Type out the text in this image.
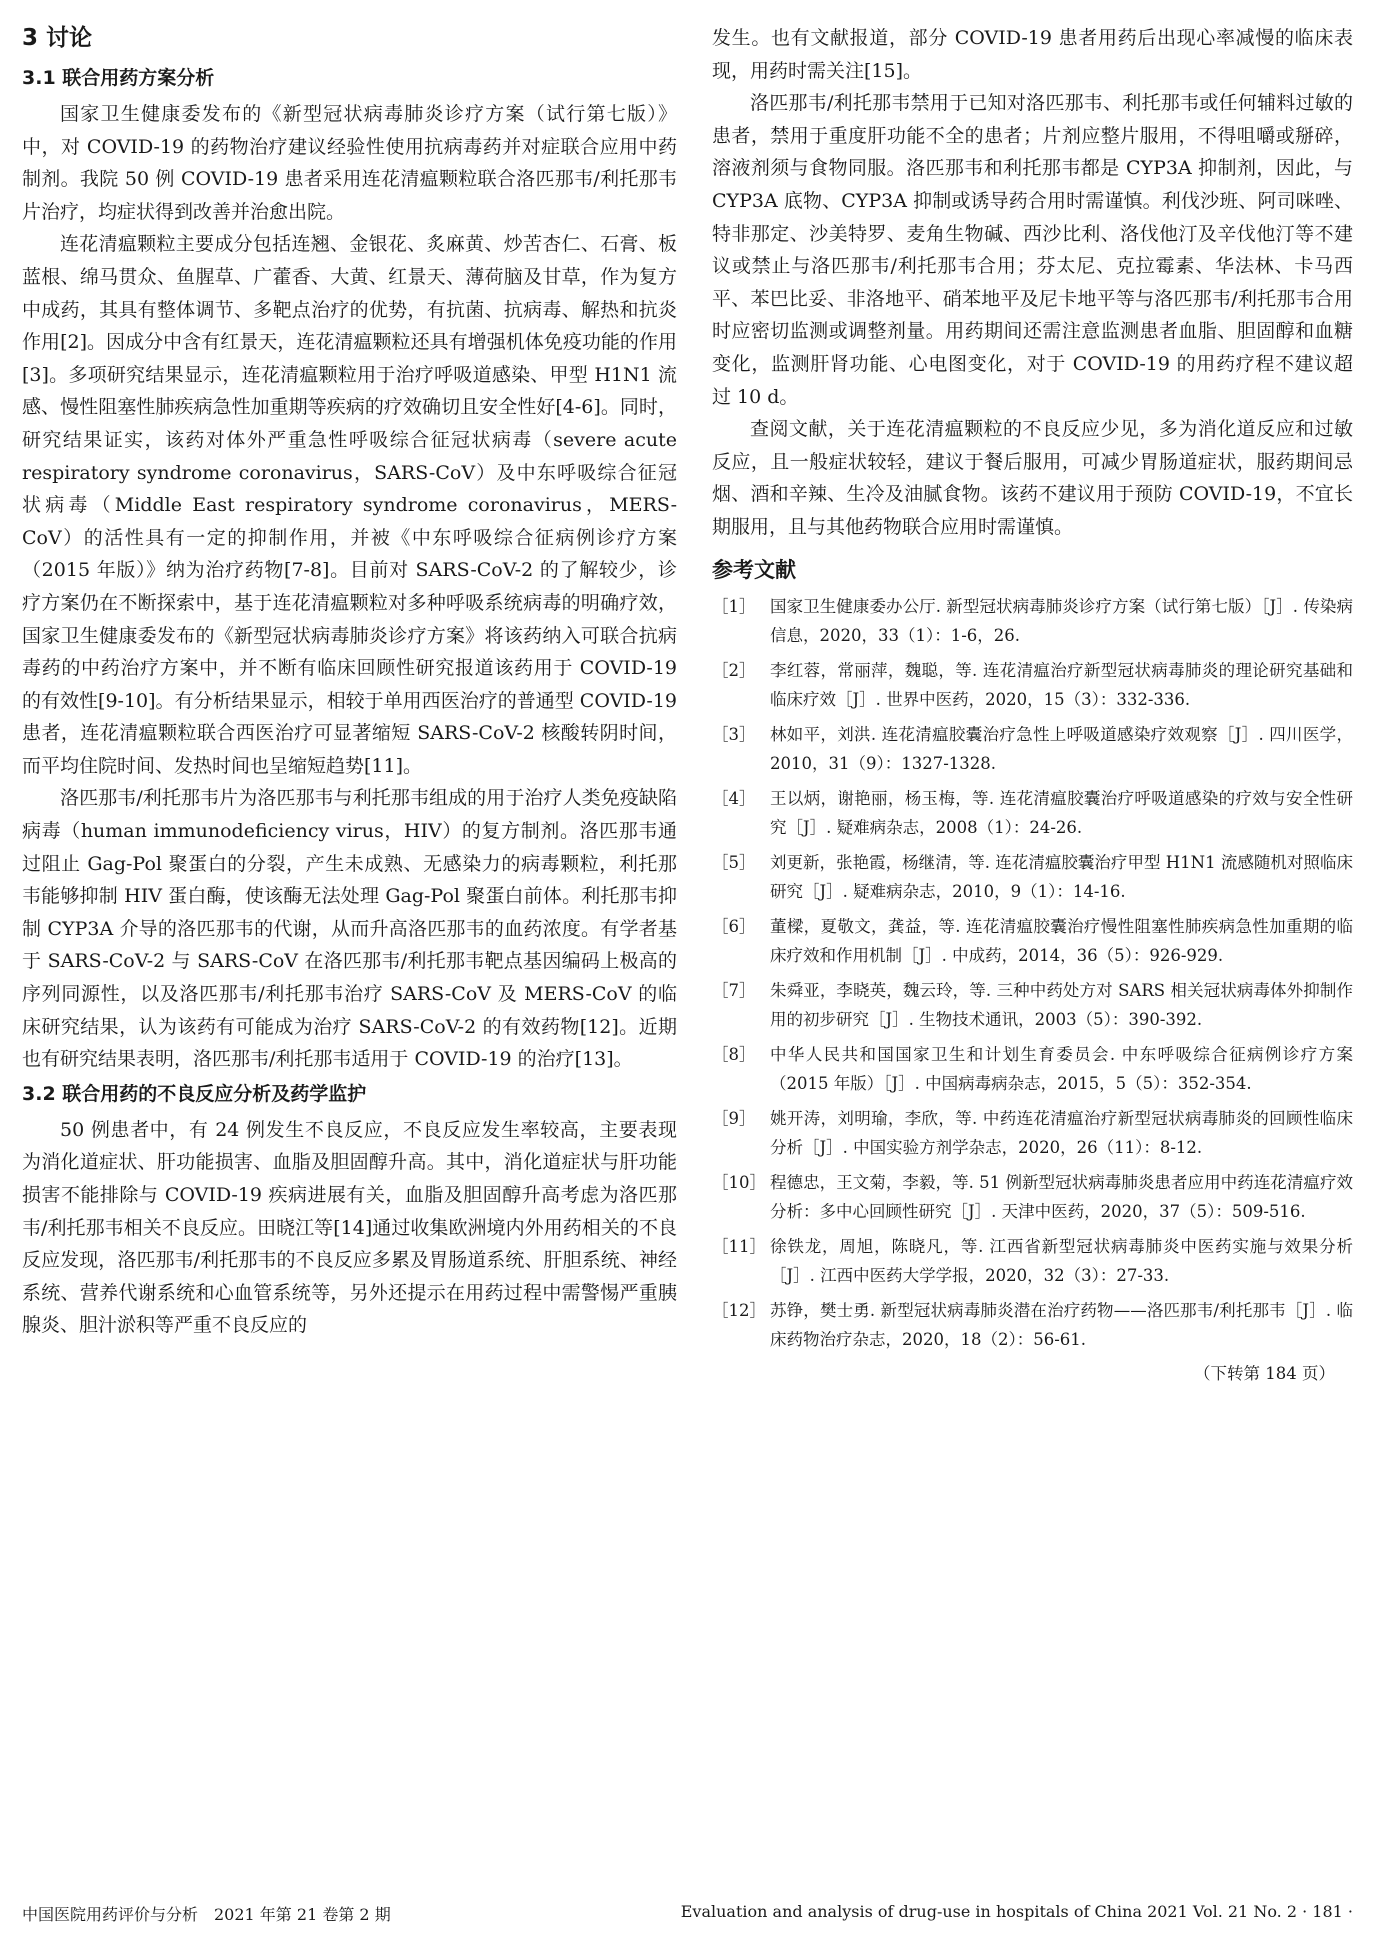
3 讨论
3.1 联合用药方案分析

国家卫生健康委发布的《新型冠状病毒肺炎诊疗方案（试行第七版）》中，对 COVID-19 的药物治疗建议经验性使用抗病毒药并对症联合应用中药制剂。我院 50 例 COVID-19 患者采用连花清瘟颗粒联合洛匹那韦/利托那韦片治疗，均症状得到改善并治愈出院。

连花清瘟颗粒主要成分包括连翘、金银花、炙麻黄、炒苦杏仁、石膏、板蓝根、绵马贯众、鱼腥草、广藿香、大黄、红景天、薄荷脑及甘草，作为复方中成药，其具有整体调节、多靶点治疗的优势，有抗菌、抗病毒、解热和抗炎作用[2]。因成分中含有红景天，连花清瘟颗粒还具有增强机体免疫功能的作用[3]。多项研究结果显示，连花清瘟颗粒用于治疗呼吸道感染、甲型 H1N1 流感、慢性阻塞性肺疾病急性加重期等疾病的疗效确切且安全性好[4-6]。同时，研究结果证实，该药对体外严重急性呼吸综合征冠状病毒（severe acute respiratory syndrome coronavirus，SARS-CoV）及中东呼吸综合征冠状病毒（Middle East respiratory syndrome coronavirus，MERS-CoV）的活性具有一定的抑制作用，并被《中东呼吸综合征病例诊疗方案（2015 年版）》纳为治疗药物[7-8]。目前对 SARS-CoV-2 的了解较少，诊疗方案仍在不断探索中，基于连花清瘟颗粒对多种呼吸系统病毒的明确疗效，国家卫生健康委发布的《新型冠状病毒肺炎诊疗方案》将该药纳入可联合抗病毒药的中药治疗方案中，并不断有临床回顾性研究报道该药用于 COVID-19 的有效性[9-10]。有分析结果显示，相较于单用西医治疗的普通型 COVID-19 患者，连花清瘟颗粒联合西医治疗可显著缩短 SARS-CoV-2 核酸转阴时间，而平均住院时间、发热时间也呈缩短趋势[11]。

洛匹那韦/利托那韦片为洛匹那韦与利托那韦组成的用于治疗人类免疫缺陷病毒（human immunodeficiency virus，HIV）的复方制剂。洛匹那韦通过阻止 Gag-Pol 聚蛋白的分裂，产生未成熟、无感染力的病毒颗粒，利托那韦能够抑制 HIV 蛋白酶，使该酶无法处理 Gag-Pol 聚蛋白前体。利托那韦抑制 CYP3A 介导的洛匹那韦的代谢，从而升高洛匹那韦的血药浓度。有学者基于 SARS-CoV-2 与 SARS-CoV 在洛匹那韦/利托那韦靶点基因编码上极高的序列同源性，以及洛匹那韦/利托那韦治疗 SARS-CoV 及 MERS-CoV 的临床研究结果，认为该药有可能成为治疗 SARS-CoV-2 的有效药物[12]。近期也有研究结果表明，洛匹那韦/利托那韦适用于 COVID-19 的治疗[13]。

3.2 联合用药的不良反应分析及药学监护

50 例患者中，有 24 例发生不良反应，不良反应发生率较高，主要表现为消化道症状、肝功能损害、血脂及胆固醇升高。其中，消化道症状与肝功能损害不能排除与 COVID-19 疾病进展有关，血脂及胆固醇升高考虑为洛匹那韦/利托那韦相关不良反应。田晓江等[14]通过收集欧洲境内外用药相关的不良反应发现，洛匹那韦/利托那韦的不良反应多累及胃肠道系统、肝胆系统、神经系统、营养代谢系统和心血管系统等，另外还提示在用药过程中需警惕严重胰腺炎、胆汁淤积等严重不良反应的

发生。也有文献报道，部分 COVID-19 患者用药后出现心率减慢的临床表现，用药时需关注[15]。

洛匹那韦/利托那韦禁用于已知对洛匹那韦、利托那韦或任何辅料过敏的患者，禁用于重度肝功能不全的患者；片剂应整片服用，不得咀嚼或掰碎，溶液剂须与食物同服。洛匹那韦和利托那韦都是 CYP3A 抑制剂，因此，与 CYP3A 底物、CYP3A 抑制或诱导药合用时需谨慎。利伐沙班、阿司咪唑、特非那定、沙美特罗、麦角生物碱、西沙比利、洛伐他汀及辛伐他汀等不建议或禁止与洛匹那韦/利托那韦合用；芬太尼、克拉霉素、华法林、卡马西平、苯巴比妥、非洛地平、硝苯地平及尼卡地平等与洛匹那韦/利托那韦合用时应密切监测或调整剂量。用药期间还需注意监测患者血脂、胆固醇和血糖变化，监测肝肾功能、心电图变化，对于 COVID-19 的用药疗程不建议超过 10 d。

查阅文献，关于连花清瘟颗粒的不良反应少见，多为消化道反应和过敏反应，且一般症状较轻，建议于餐后服用，可减少胃肠道症状，服药期间忌烟、酒和辛辣、生冷及油腻食物。该药不建议用于预防 COVID-19，不宜长期服用，且与其他药物联合应用时需谨慎。

参考文献
［1］ 国家卫生健康委办公厅. 新型冠状病毒肺炎诊疗方案（试行第七版）［J］. 传染病信息，2020，33（1）：1-6，26.
［2］ 李红蓉，常丽萍，魏聪，等. 连花清瘟治疗新型冠状病毒肺炎的理论研究基础和临床疗效［J］. 世界中医药，2020，15（3）：332-336.
［3］ 林如平，刘洪. 连花清瘟胶囊治疗急性上呼吸道感染疗效观察［J］. 四川医学，2010，31（9）：1327-1328.
［4］ 王以炳，谢艳丽，杨玉梅，等. 连花清瘟胶囊治疗呼吸道感染的疗效与安全性研究［J］. 疑难病杂志，2008（1）：24-26.
［5］ 刘更新，张艳霞，杨继清，等. 连花清瘟胶囊治疗甲型 H1N1 流感随机对照临床研究［J］. 疑难病杂志，2010，9（1）：14-16.
［6］ 董樑，夏敬文，龚益，等. 连花清瘟胶囊治疗慢性阻塞性肺疾病急性加重期的临床疗效和作用机制［J］. 中成药，2014，36（5）：926-929.
［7］ 朱舜亚，李晓英，魏云玲，等. 三种中药处方对 SARS 相关冠状病毒体外抑制作用的初步研究［J］. 生物技术通讯，2003（5）：390-392.
［8］ 中华人民共和国国家卫生和计划生育委员会. 中东呼吸综合征病例诊疗方案（2015 年版）［J］. 中国病毒病杂志，2015，5（5）：352-354.
［9］ 姚开涛，刘明瑜，李欣，等. 中药连花清瘟治疗新型冠状病毒肺炎的回顾性临床分析［J］. 中国实验方剂学杂志，2020，26（11）：8-12.
［10］ 程德忠，王文菊，李毅，等. 51 例新型冠状病毒肺炎患者应用中药连花清瘟疗效分析：多中心回顾性研究［J］. 天津中医药，2020，37（5）：509-516.
［11］ 徐铁龙，周旭，陈晓凡，等. 江西省新型冠状病毒肺炎中医药实施与效果分析［J］. 江西中医药大学学报，2020，32（3）：27-33.
［12］ 苏铮，樊士勇. 新型冠状病毒肺炎潜在治疗药物——洛匹那韦/利托那韦［J］. 临床药物治疗杂志，2020，18（2）：56-61.
（下转第 184 页）
中国医院用药评价与分析　2021 年第 21 卷第 2 期	Evaluation and analysis of drug-use in hospitals of China 2021 Vol. 21 No. 2 · 181 ·
